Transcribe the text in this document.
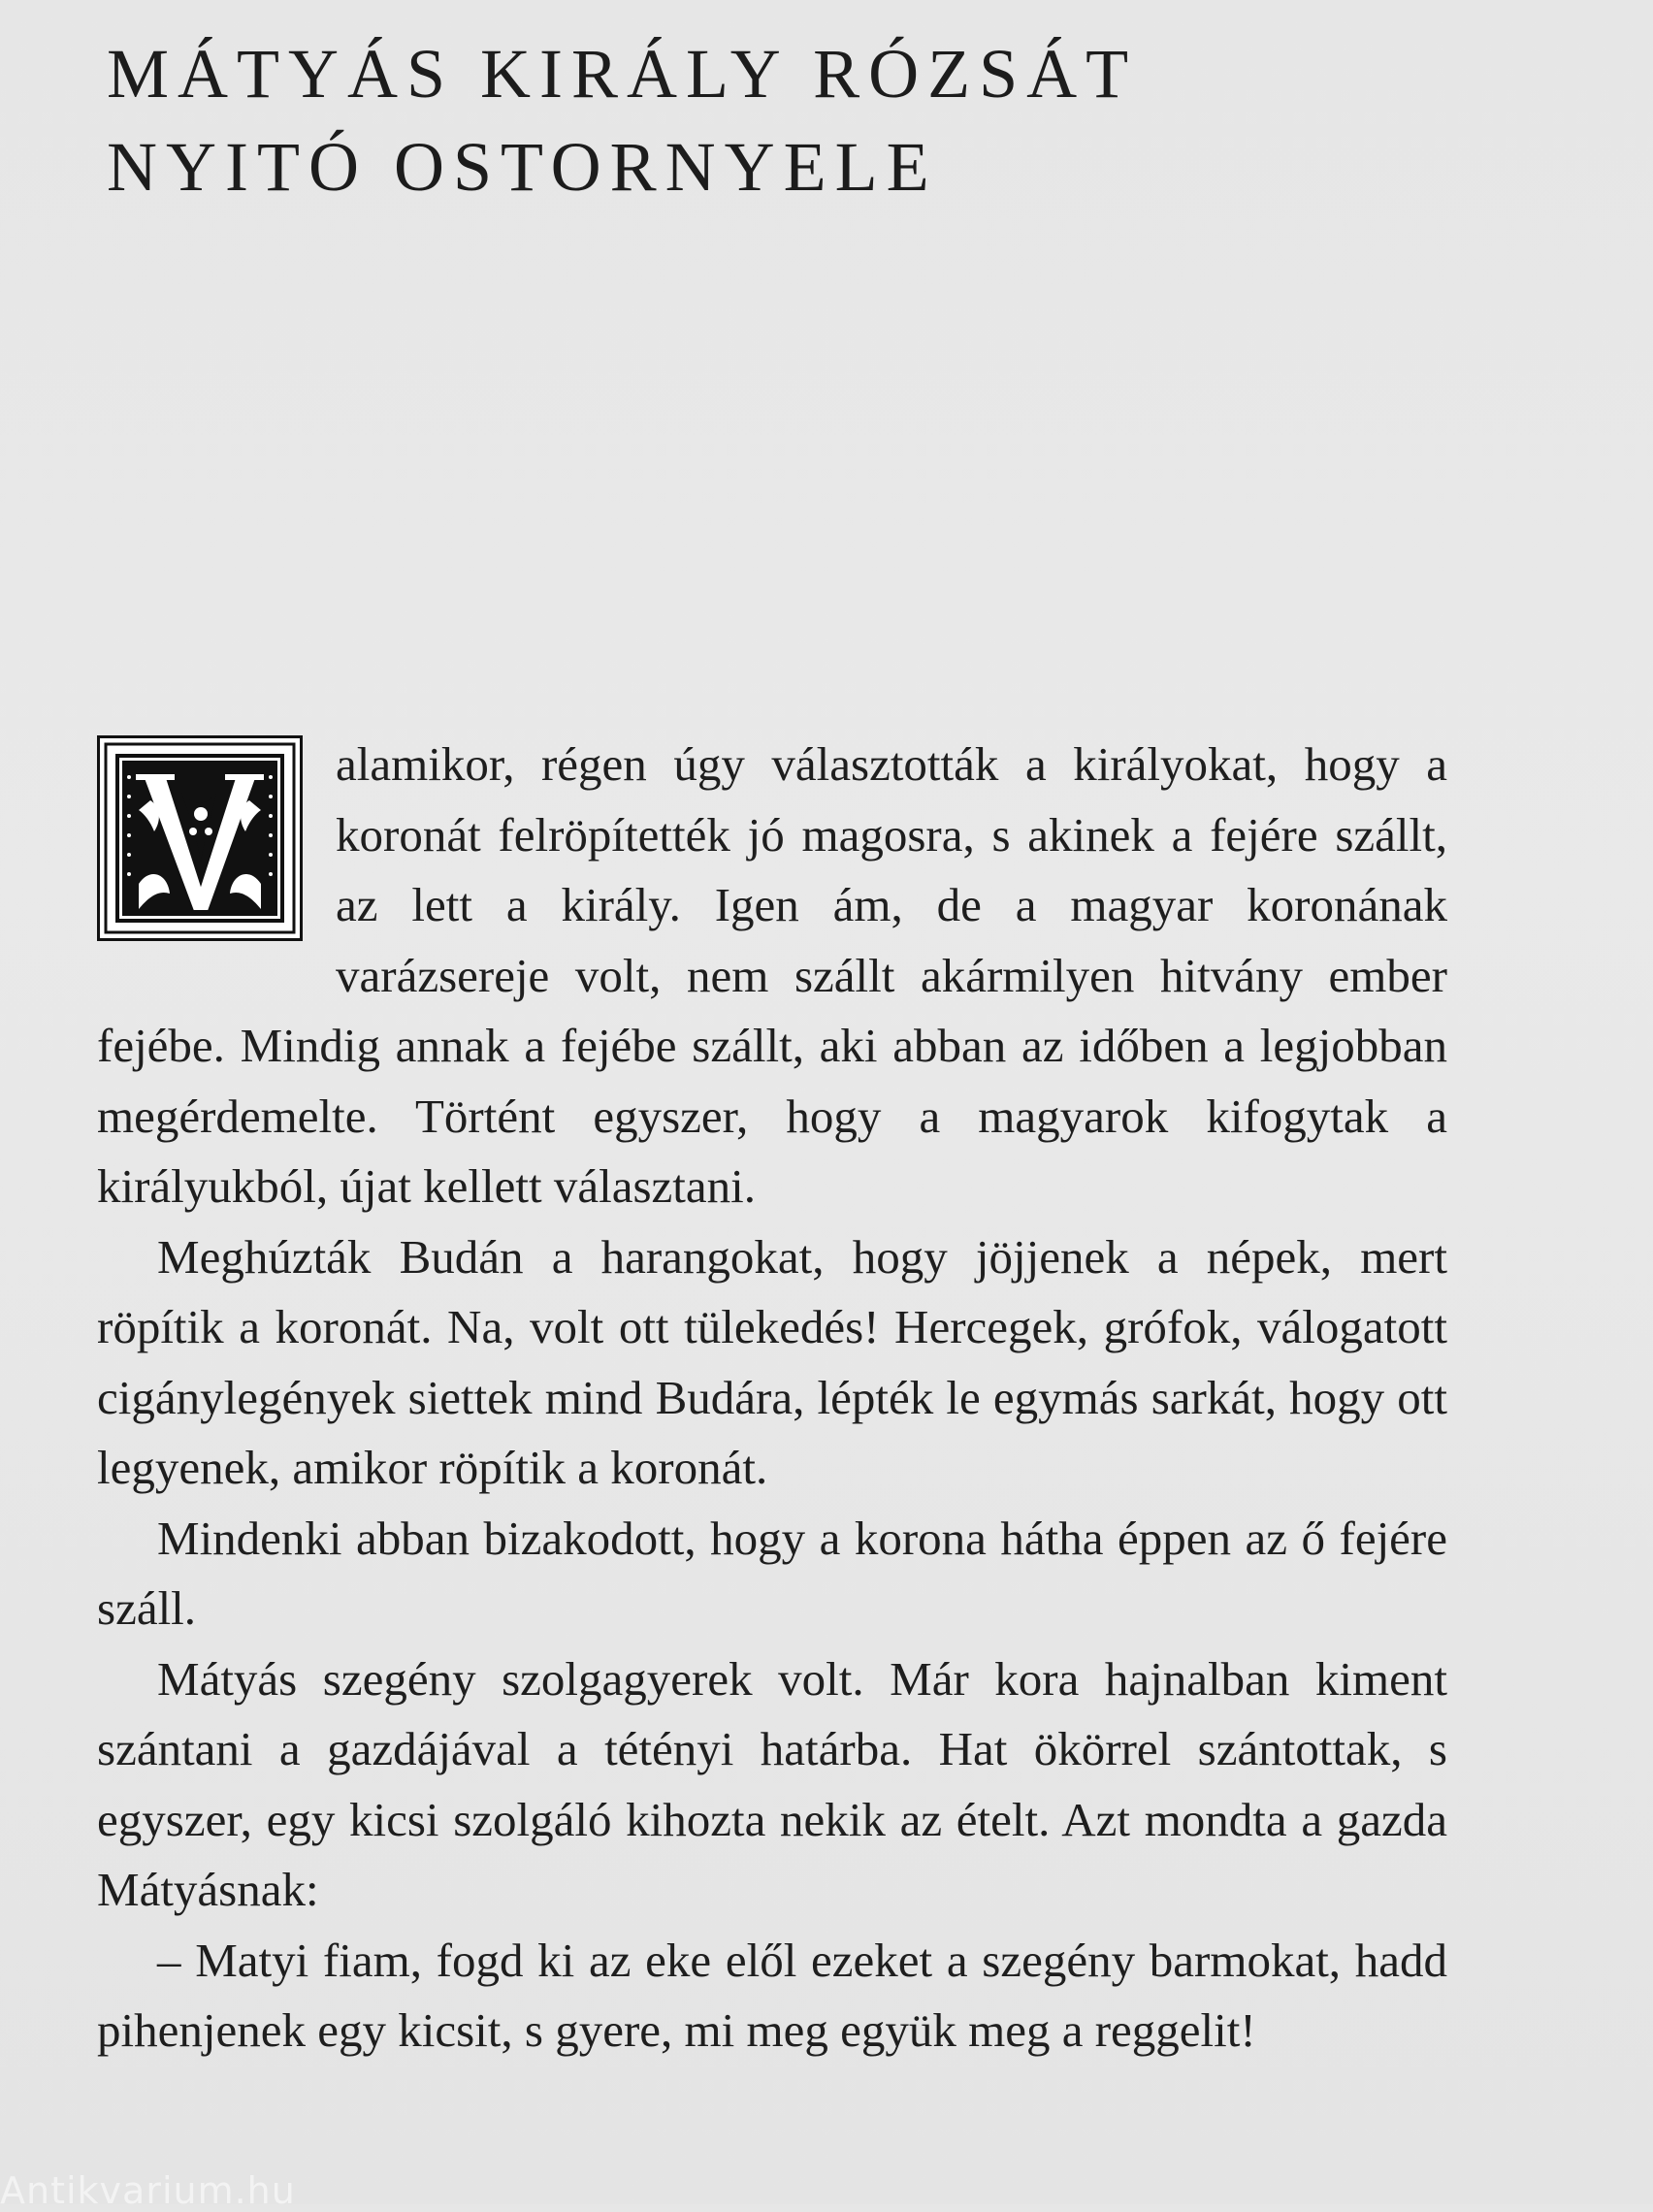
MÁTYÁS KIRÁLY RÓZSÁT
NYITÓ OSTORNYELE

alamikor, régen úgy választották a királyokat, hogy a koronát felröpítették jó magosra, s akinek a fejére szállt, az lett a király. Igen ám, de a magyar koronának varázsereje volt, nem szállt akármilyen hitvány ember fejébe. Mindig annak a fejébe szállt, aki abban az időben a legjobban megérdemelte. Történt egyszer, hogy a magyarok kifogytak a királyukból, újat kellett választani.

Meghúzták Budán a harangokat, hogy jöjjenek a népek, mert röpítik a koronát. Na, volt ott tülekedés! Hercegek, grófok, válogatott cigánylegények siettek mind Budára, lépték le egymás sarkát, hogy ott legyenek, amikor röpítik a koronát.

Mindenki abban bizakodott, hogy a korona hátha éppen az ő fejére száll.

Mátyás szegény szolgagyerek volt. Már kora hajnalban kiment szántani a gazdájával a tétényi határba. Hat ökörrel szántottak, s egyszer, egy kicsi szolgáló kihozta nekik az ételt. Azt mondta a gazda Mátyásnak:

– Matyi fiam, fogd ki az eke elől ezeket a szegény barmokat, hadd pihenjenek egy kicsit, s gyere, mi meg együk meg a reggelit!

Antikvarium.hu
